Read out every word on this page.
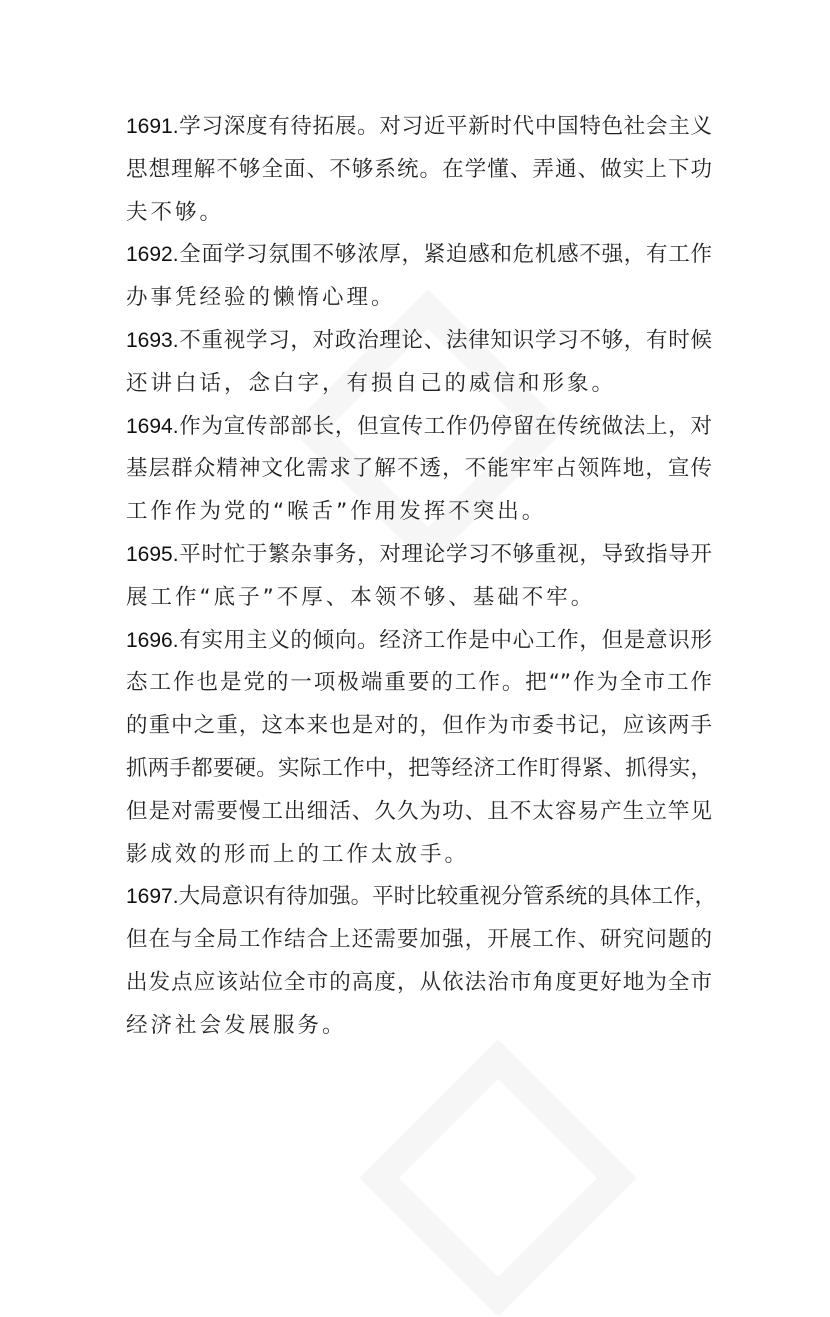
1691.学习深度有待拓展。对习近平新时代中国特色社会主义
思想理解不够全面、不够系统。在学懂、弄通、做实上下功
夫不够。
1692.全面学习氛围不够浓厚，紧迫感和危机感不强，有工作
办事凭经验的懒惰心理。
1693.不重视学习，对政治理论、法律知识学习不够，有时候
还讲白话，念白字，有损自己的威信和形象。
1694.作为宣传部部长，但宣传工作仍停留在传统做法上，对
基层群众精神文化需求了解不透，不能牢牢占领阵地，宣传
工作作为党的“喉舌”作用发挥不突出。
1695.平时忙于繁杂事务，对理论学习不够重视，导致指导开
展工作“底子”不厚、本领不够、基础不牢。
1696.有实用主义的倾向。经济工作是中心工作，但是意识形
态工作也是党的一项极端重要的工作。把“”作为全市工作
的重中之重，这本来也是对的，但作为市委书记，应该两手
抓两手都要硬。实际工作中，把等经济工作盯得紧、抓得实，
但是对需要慢工出细活、久久为功、且不太容易产生立竿见
影成效的形而上的工作太放手。
1697.大局意识有待加强。平时比较重视分管系统的具体工作，
但在与全局工作结合上还需要加强，开展工作、研究问题的
出发点应该站位全市的高度，从依法治市角度更好地为全市
经济社会发展服务。
